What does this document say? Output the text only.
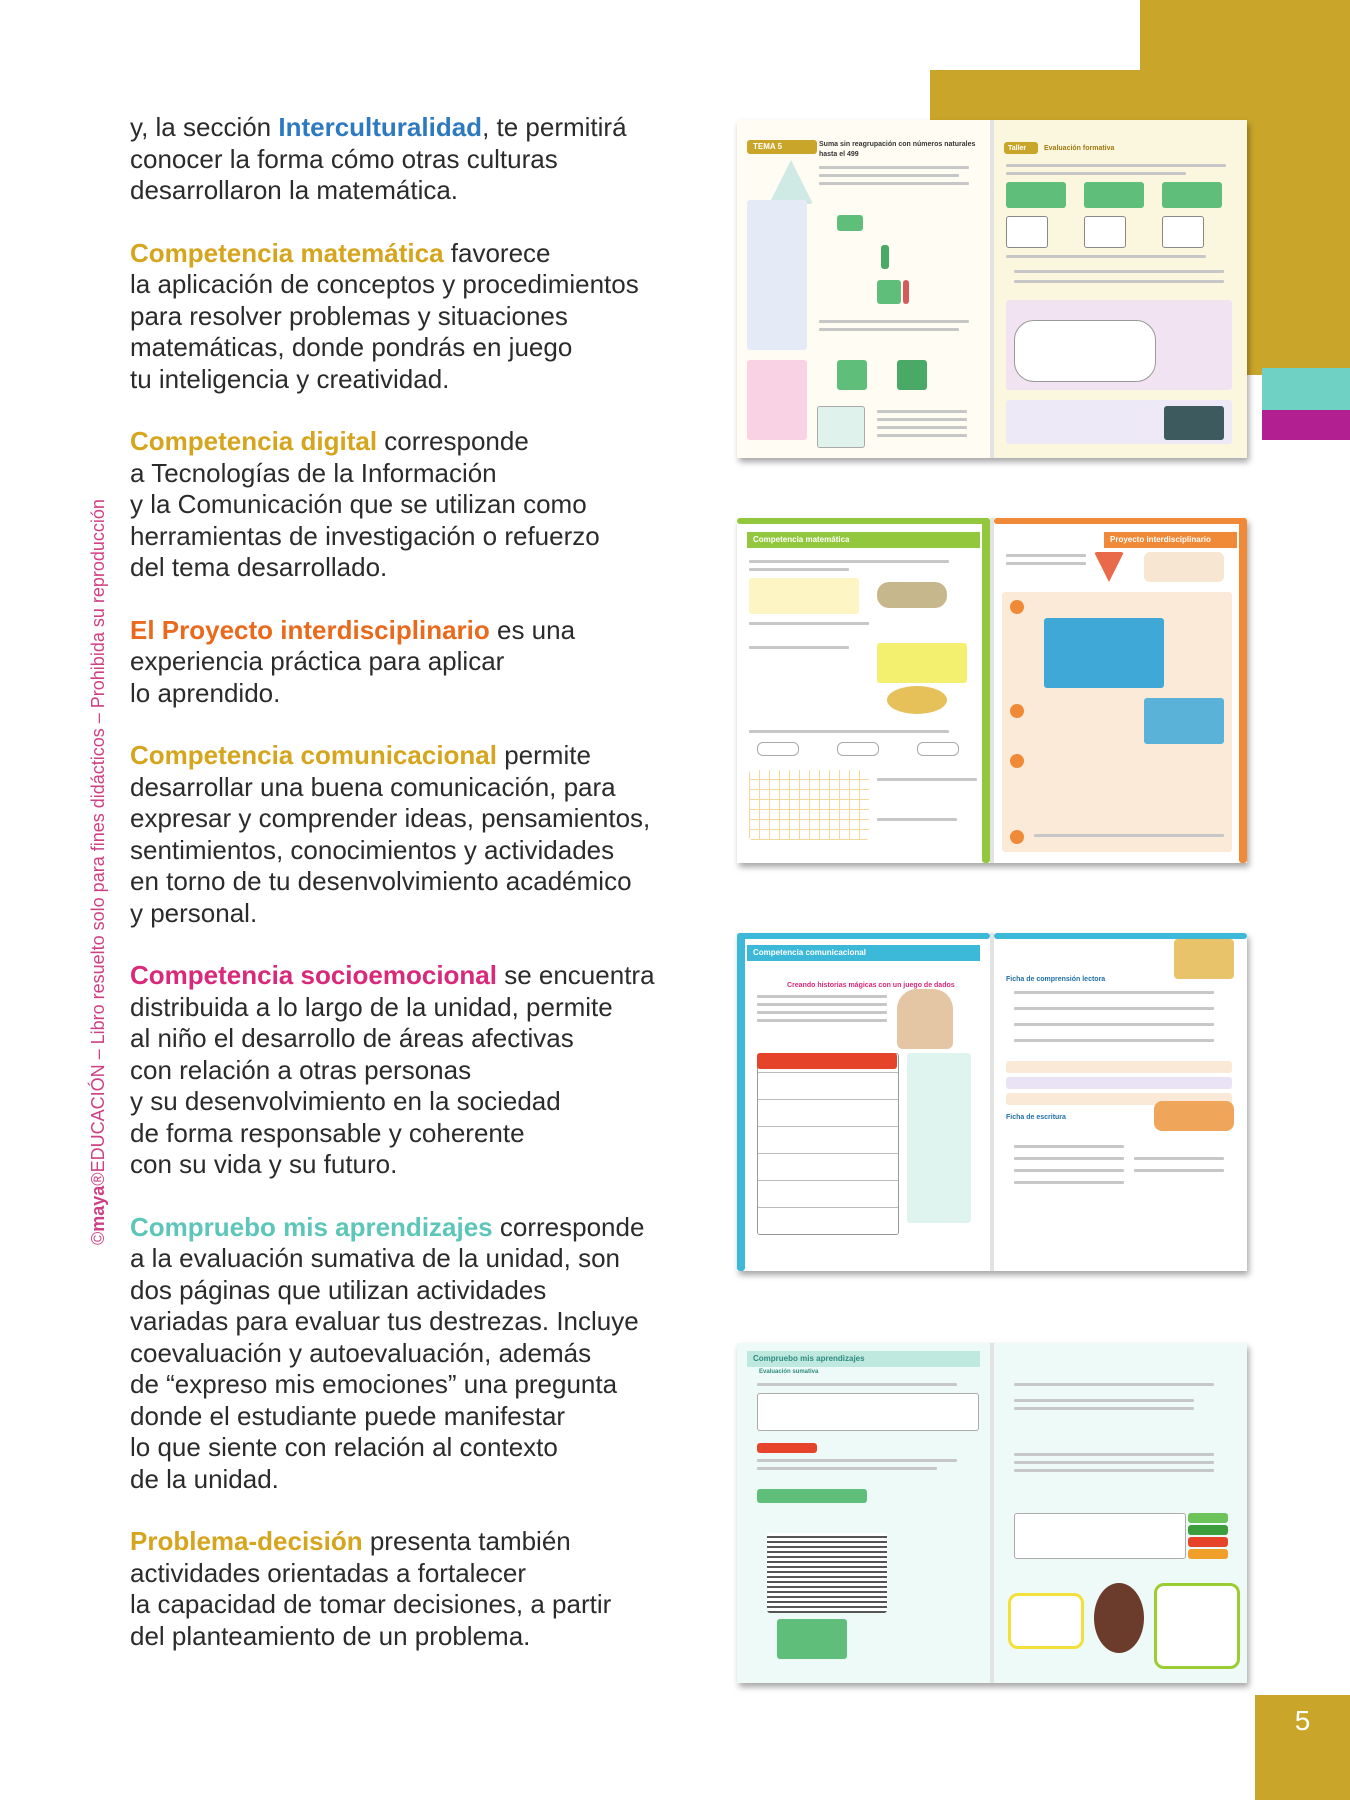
©maya®EDUCACIÓN – Libro resuelto solo para fines didácticos – Prohibida su reproducción

y, la sección Interculturalidad, te permitirá
conocer la forma cómo otras culturas
desarrollaron la matemática.

Competencia matemática favorece
la aplicación de conceptos y procedimientos
para resolver problemas y situaciones
matemáticas, donde pondrás en juego
tu inteligencia y creatividad.

Competencia digital corresponde
a Tecnologías de la Información
y la Comunicación que se utilizan como
herramientas de investigación o refuerzo
del tema desarrollado.

El Proyecto interdisciplinario es una
experiencia práctica para aplicar
lo aprendido.

Competencia comunicacional permite
desarrollar una buena comunicación, para
expresar y comprender ideas, pensamientos,
sentimientos, conocimientos y actividades
en torno de tu desenvolvimiento académico
y personal.

Competencia socioemocional se encuentra
distribuida a lo largo de la unidad, permite
al niño el desarrollo de áreas afectivas
con relación a otras personas
y su desenvolvimiento en la sociedad
de forma responsable y coherente
con su vida y su futuro.

Compruebo mis aprendizajes corresponde
a la evaluación sumativa de la unidad, son
dos páginas que utilizan actividades
variadas para evaluar tus destrezas. Incluye
coevaluación y autoevaluación, además
de “expreso mis emociones” una pregunta
donde el estudiante puede manifestar
lo que siente con relación al contexto
de la unidad.

Problema-decisión presenta también
actividades orientadas a fortalecer
la capacidad de tomar decisiones, a partir
del planteamiento de un problema.

TEMA 5	Suma sin reagrupación con números naturales hasta el 499
Taller	Evaluación formativa
Competencia matemática	Proyecto interdisciplinario
Competencia comunicacional
Creando historias mágicas con un juego de dados
Ficha de comprensión lectora
Ficha de escritura
Compruebo mis aprendizajes
Evaluación sumativa
5
